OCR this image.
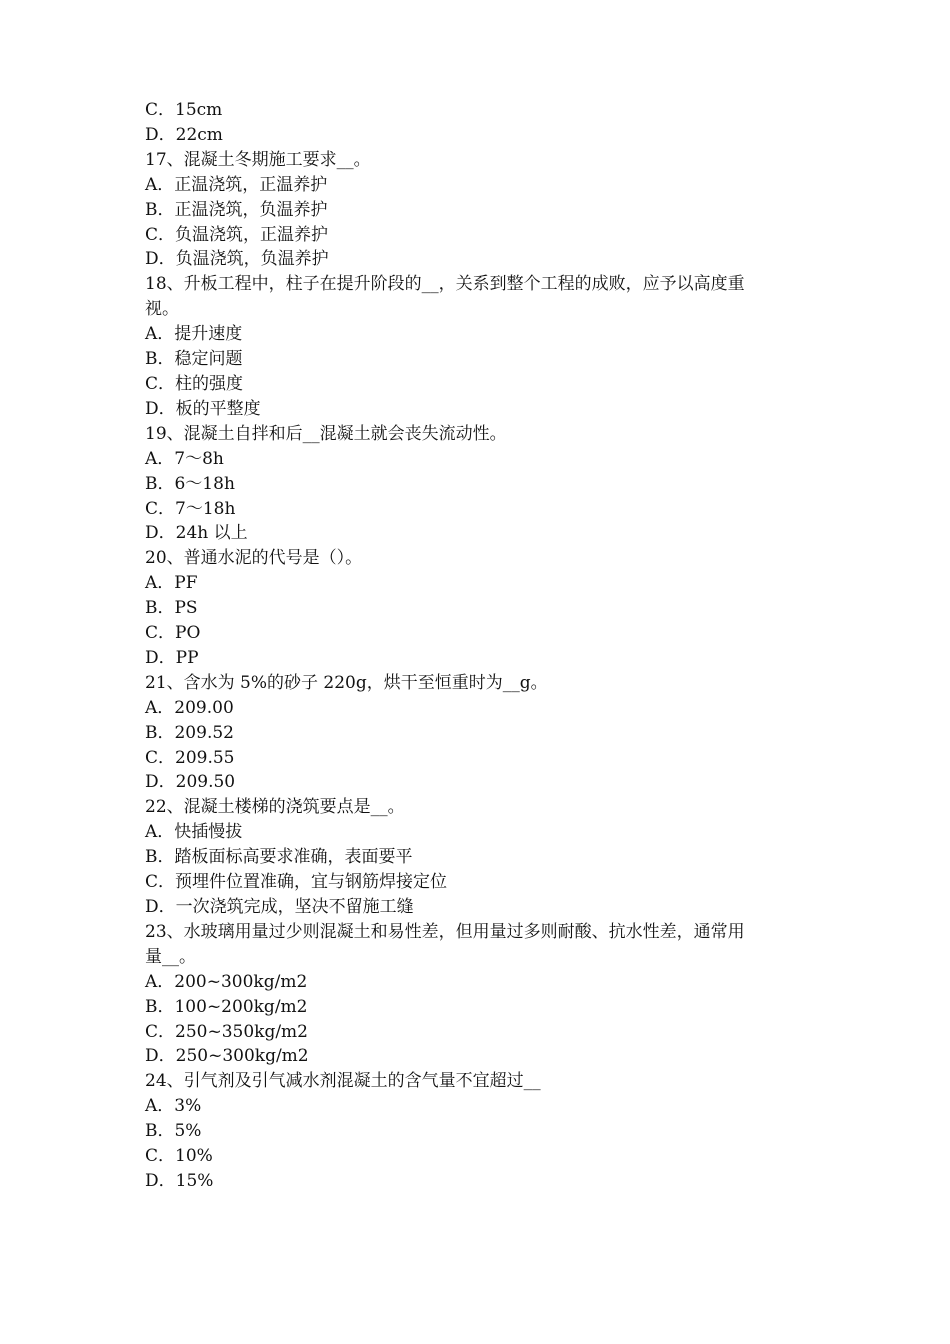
C．15cm

D．22cm

17、混凝土冬期施工要求__。

A．正温浇筑，正温养护

B．正温浇筑，负温养护

C．负温浇筑，正温养护

D．负温浇筑，负温养护

18、升板工程中，柱子在提升阶段的__，关系到整个工程的成败，应予以高度重

视。

A．提升速度

B．稳定问题

C．柱的强度

D．板的平整度

19、混凝土自拌和后__混凝土就会丧失流动性。

A．7～8h

B．6～18h

C．7～18h

D．24h 以上

20、普通水泥的代号是（）。

A．PF

B．PS

C．PO

D．PP

21、含水为 5%的砂子 220g，烘干至恒重时为__g。

A．209.00

B．209.52

C．209.55

D．209.50

22、混凝土楼梯的浇筑要点是__。

A．快插慢拔

B．踏板面标高要求准确，表面要平

C．预埋件位置准确，宜与钢筋焊接定位

D．一次浇筑完成，坚决不留施工缝

23、水玻璃用量过少则混凝土和易性差，但用量过多则耐酸、抗水性差，通常用

量__。

A．200~300kg/m2

B．100~200kg/m2

C．250~350kg/m2

D．250~300kg/m2

24、引气剂及引气减水剂混凝土的含气量不宜超过__

A．3%

B．5%

C．10%

D．15%
